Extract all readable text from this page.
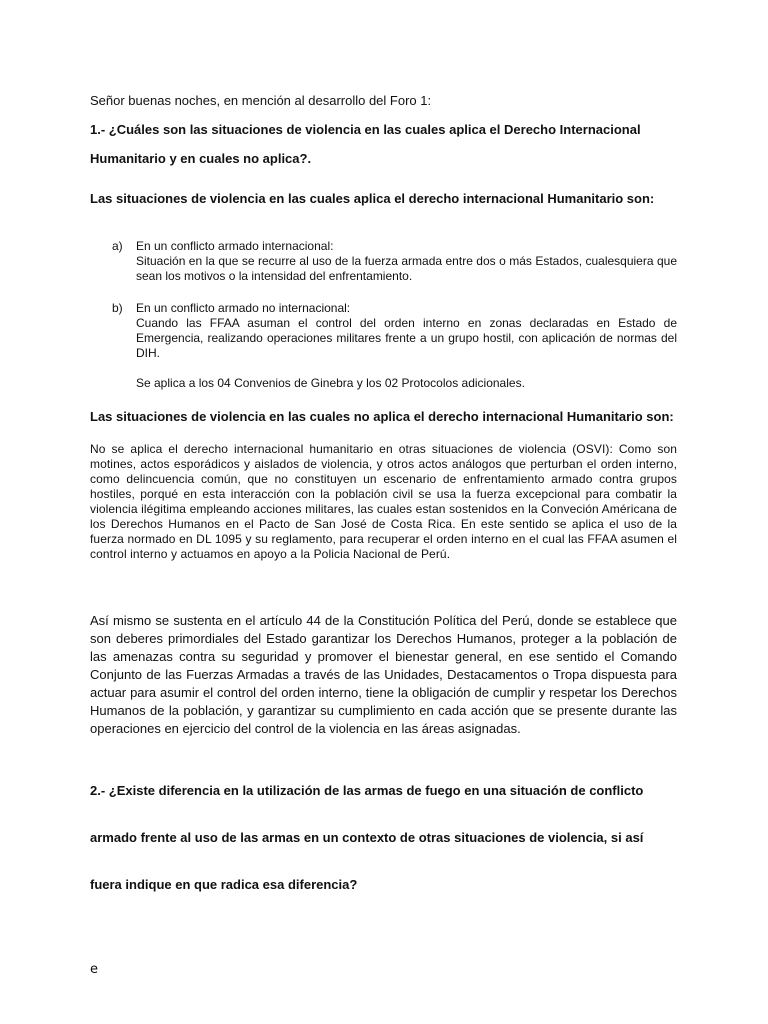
Señor buenas noches, en mención al desarrollo del Foro 1:

1.- ¿Cuáles son las situaciones de violencia en las cuales aplica el Derecho Internacional

Humanitario y en cuales no aplica?.

Las situaciones de violencia en las cuales aplica el derecho internacional Humanitario son:

a)	En un conflicto armado internacional:

Situación en la que se recurre al uso de la fuerza armada entre dos o más Estados, cualesquiera que sean los motivos o la intensidad del enfrentamiento.

b)	En un conflicto armado no internacional:

Cuando las FFAA asuman el control del orden interno en zonas declaradas en Estado de Emergencia, realizando operaciones militares frente a un grupo hostil, con aplicación de normas del DIH.

Se aplica a los 04 Convenios de Ginebra y los 02 Protocolos adicionales.

Las situaciones de violencia en las cuales no aplica el derecho internacional Humanitario son:

No se aplica el derecho internacional humanitario en otras situaciones de violencia (OSVI): Como son motines, actos esporádicos y aislados de violencia, y otros actos análogos que perturban el orden interno, como delincuencia común, que no constituyen un escenario de enfrentamiento armado contra grupos hostiles, porqué en esta interacción con la población civil se usa la fuerza excepcional para combatir la violencia ilégitima empleando acciones militares, las cuales estan sostenidos en la Conveción Américana de los Derechos Humanos en el Pacto de San José de Costa Rica. En este sentido se aplica el uso de la fuerza normado en DL 1095 y su reglamento, para recuperar el orden interno en el cual las FFAA asumen el control interno y actuamos en apoyo a la Policia Nacional de Perú.

Así mismo se sustenta en el artículo 44 de la Constitución Política del Perú, donde se establece que son deberes primordiales del Estado garantizar los Derechos Humanos, proteger a la población de las amenazas contra su seguridad y promover el bienestar general, en ese sentido el Comando Conjunto de las Fuerzas Armadas a través de las Unidades, Destacamentos o Tropa dispuesta para actuar para asumir el control del orden interno, tiene la obligación de cumplir y respetar los Derechos Humanos de la población, y garantizar su cumplimiento en cada acción que se presente durante las operaciones en ejercicio del control de la violencia en las áreas asignadas.

2.- ¿Existe diferencia en la utilización de las armas de fuego en una situación de conflicto

armado frente al uso de las armas en un contexto de otras situaciones de violencia, si así

fuera indique en que radica esa diferencia?

e
